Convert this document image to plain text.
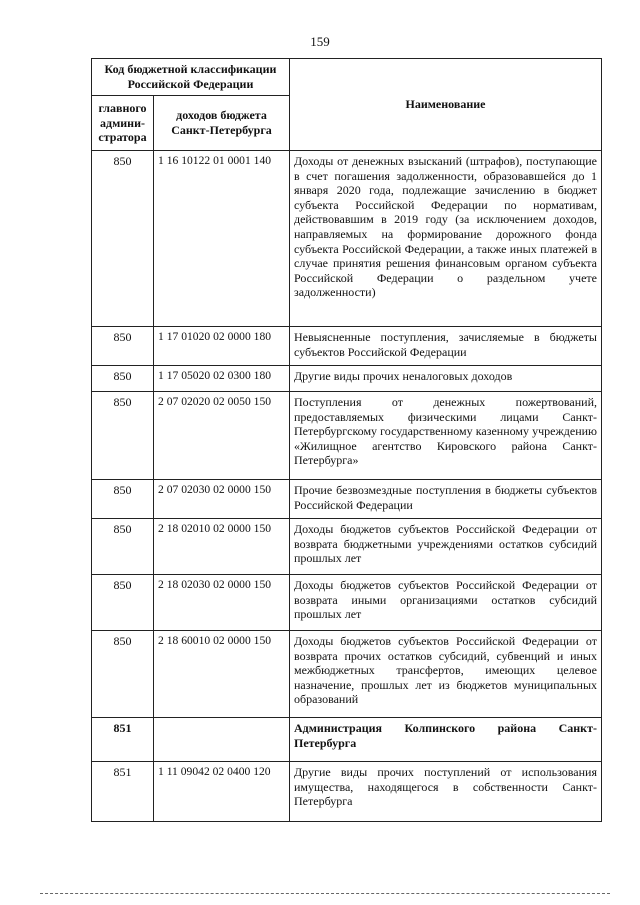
159
Код бюджетной классификации Российской Федерации		Наименование
главного админи-стратора	доходов бюджета Санкт-Петербурга	
850	1 16 10122 01 0001 140	Доходы от денежных взысканий (штрафов), поступающие в счет погашения задолженности, образовавшейся до 1 января 2020 года, подлежащие зачислению в бюджет субъекта Российской Федерации по нормативам, действовавшим в 2019 году (за исключением доходов, направляемых на формирование дорожного фонда субъекта Российской Федерации, а также иных платежей в случае принятия решения финансовым органом субъекта Российской Федерации о раздельном учете задолженности)
850	1 17 01020 02 0000 180	Невыясненные поступления, зачисляемые в бюджеты субъектов Российской Федерации
850	1 17 05020 02 0300 180	Другие виды прочих неналоговых доходов
850	2 07 02020 02 0050 150	Поступления от денежных пожертвований, предоставляемых физическими лицами Санкт-Петербургскому государственному казенному учреждению «Жилищное агентство Кировского района Санкт-Петербурга»
850	2 07 02030 02 0000 150	Прочие безвозмездные поступления в бюджеты субъектов Российской Федерации
850	2 18 02010 02 0000 150	Доходы бюджетов субъектов Российской Федерации от возврата бюджетными учреждениями остатков субсидий прошлых лет
850	2 18 02030 02 0000 150	Доходы бюджетов субъектов Российской Федерации от возврата иными организациями остатков субсидий прошлых лет
850	2 18 60010 02 0000 150	Доходы бюджетов субъектов Российской Федерации от возврата прочих остатков субсидий, субвенций и иных межбюджетных трансфертов, имеющих целевое назначение, прошлых лет из бюджетов муниципальных образований
851		Администрация Колпинского района Санкт-Петербурга
851	1 11 09042 02 0400 120	Другие виды прочих поступлений от использования имущества, находящегося в собственности Санкт-Петербурга
